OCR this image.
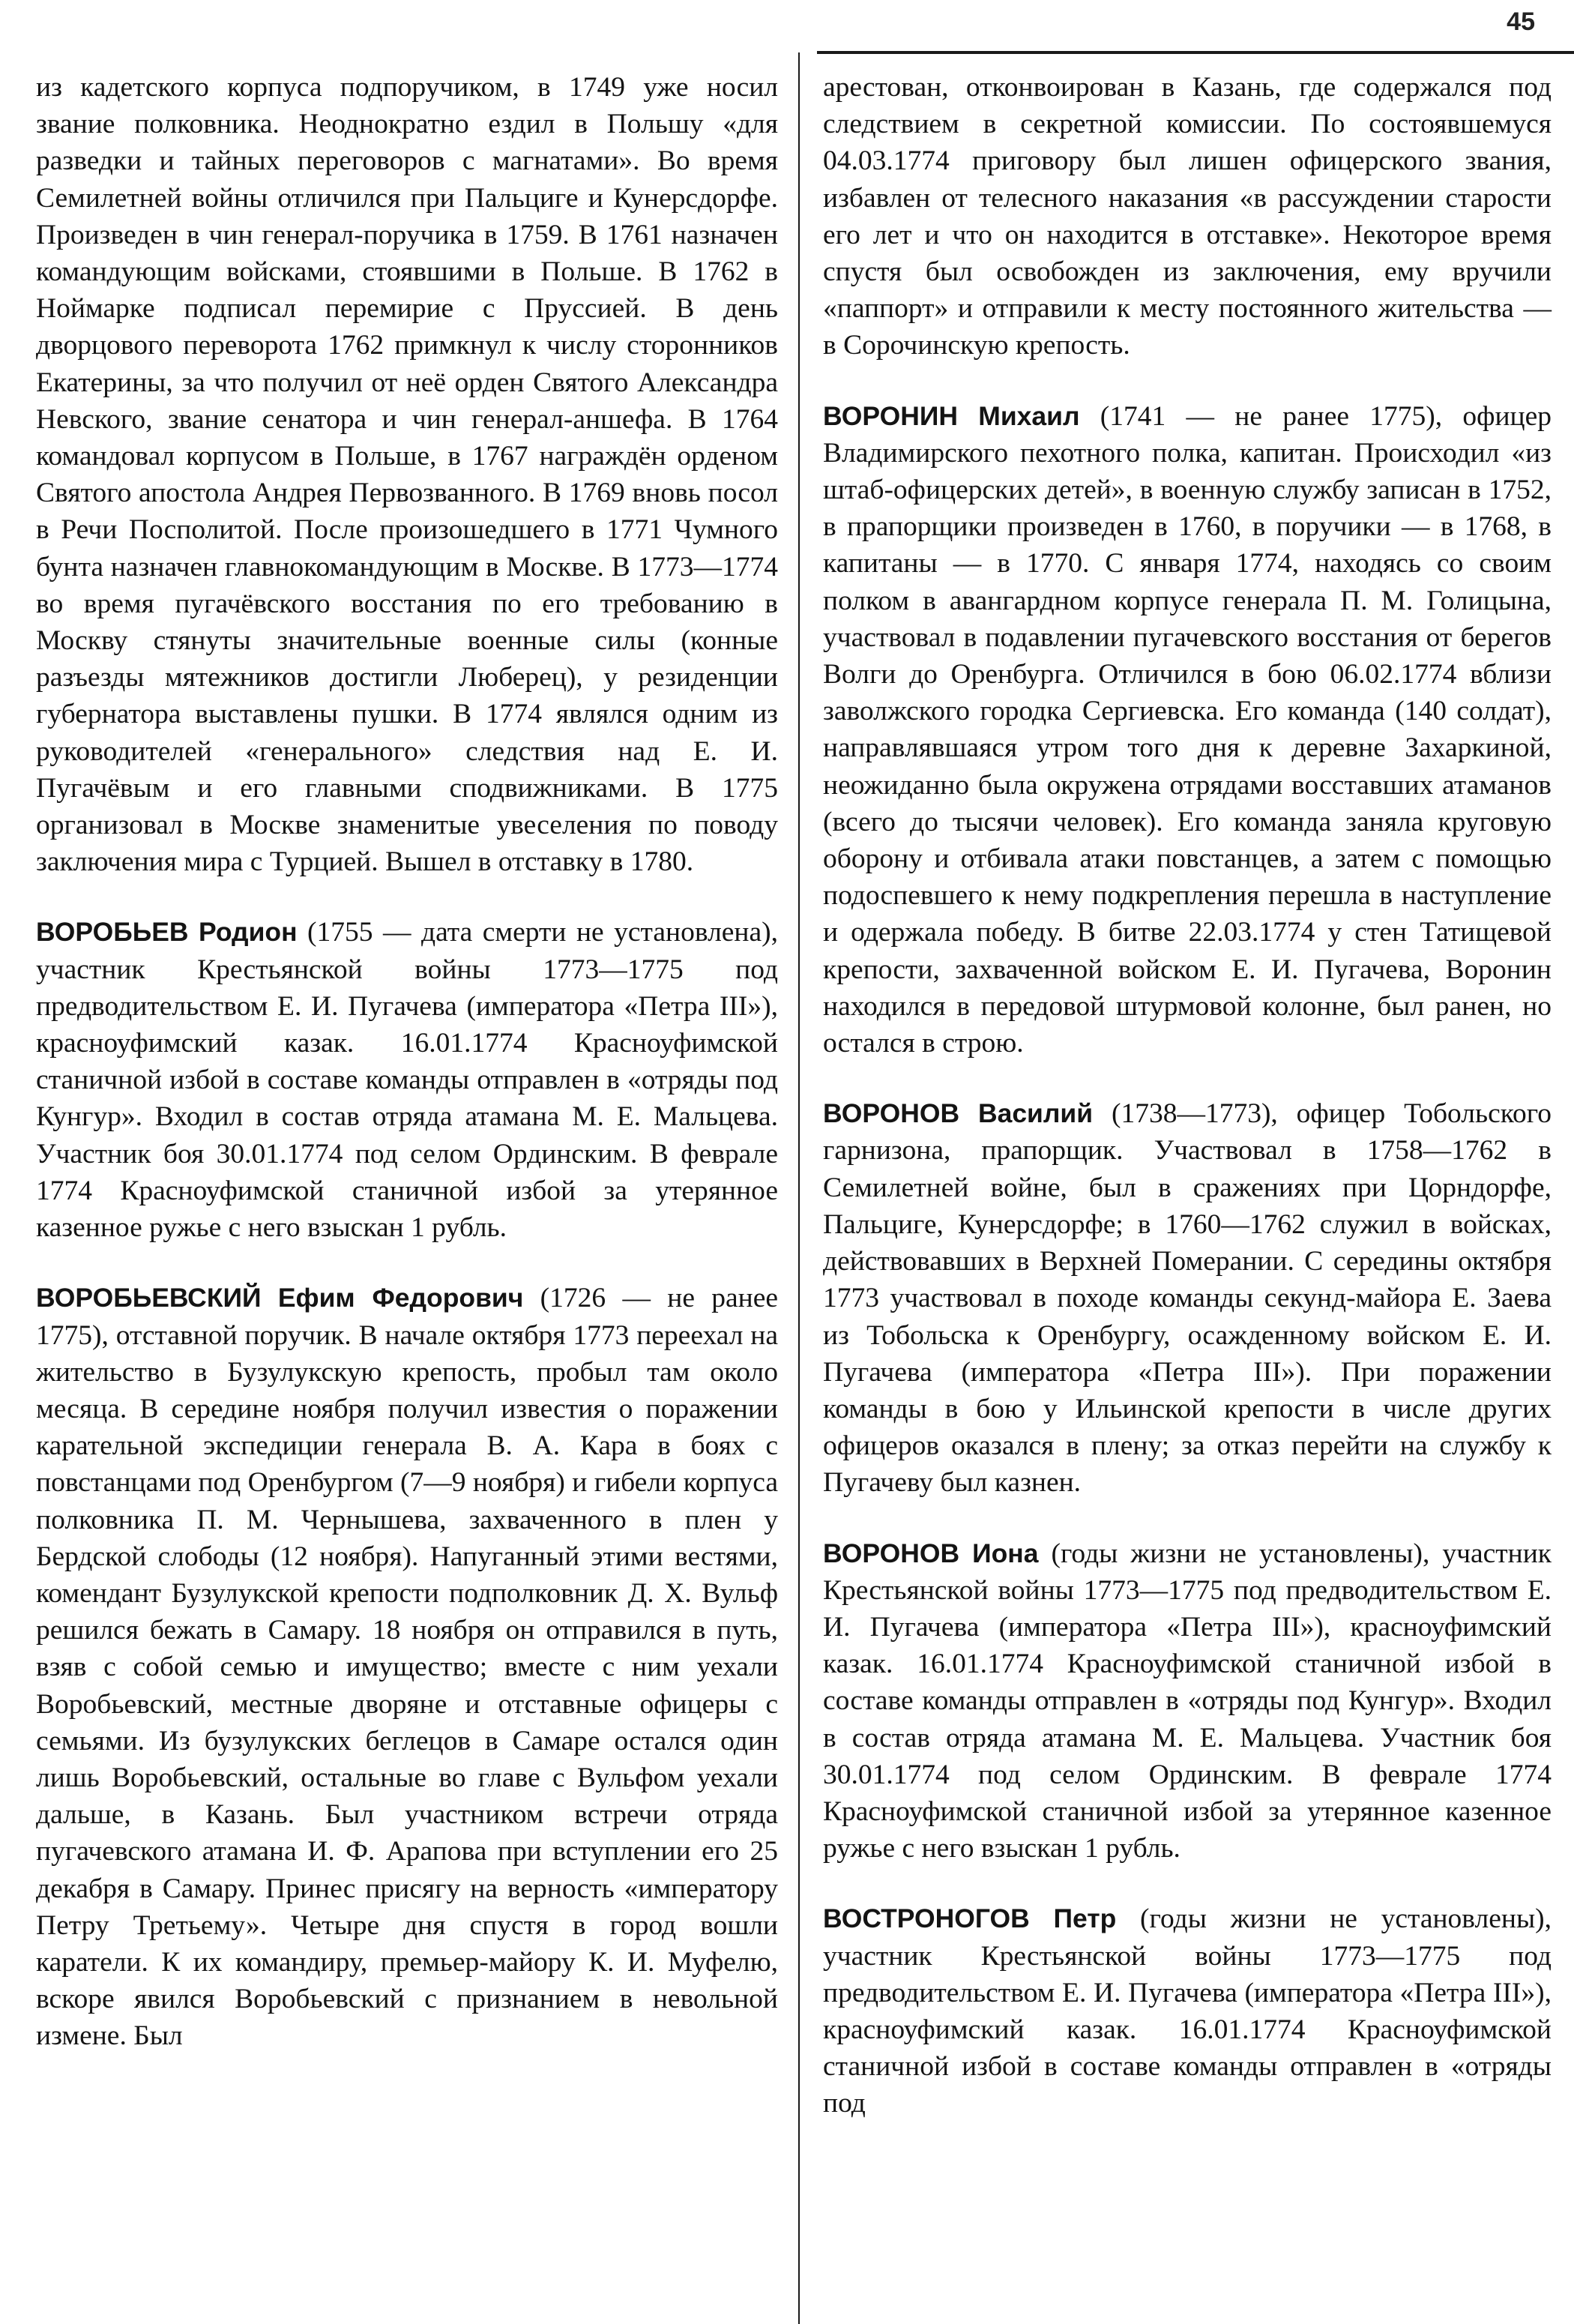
45

из кадетского корпуса подпоручиком, в 1749 уже носил звание полковника. Неоднократно ездил в Польшу «для разведки и тайных переговоров с магнатами». Во время Семилетней войны отличился при Пальциге и Кунерсдорфе. Произведен в чин генерал-поручика в 1759. В 1761 назначен командующим войсками, стоявшими в Польше. В 1762 в Ноймарке подписал перемирие с Пруссией. В день дворцового переворота 1762 примкнул к числу сторонников Екатерины, за что получил от неё орден Святого Александра Невского, звание сенатора и чин генерал-аншефа. В 1764 командовал корпусом в Польше, в 1767 награждён орденом Святого апостола Андрея Первозванного. В 1769 вновь посол в Речи Посполитой. После произошедшего в 1771 Чумного бунта назначен главнокомандующим в Москве. В 1773—1774 во время пугачёвского восстания по его требованию в Москву стянуты значительные военные силы (конные разъезды мятежников достигли Люберец), у резиденции губернатора выставлены пушки. В 1774 являлся одним из руководителей «генерального» следствия над Е. И. Пугачёвым и его главными сподвижниками. В 1775 организовал в Москве знаменитые увеселения по поводу заключения мира с Турцией. Вышел в отставку в 1780.

ВОРОБЬЕВ Родион (1755 — дата смерти не установлена), участник Крестьянской войны 1773—1775 под предводительством Е. И. Пугачева (императора «Петра III»), красноуфимский казак. 16.01.1774 Красноуфимской станичной избой в составе команды отправлен в «отряды под Кунгур». Входил в состав отряда атамана М. Е. Мальцева. Участник боя 30.01.1774 под селом Ординским. В феврале 1774 Красноуфимской станичной избой за утерянное казенное ружье с него взыскан 1 рубль.

ВОРОБЬЕВСКИЙ Ефим Федорович (1726 — не ранее 1775), отставной поручик. В начале октября 1773 переехал на жительство в Бузулукскую крепость, пробыл там около месяца. В середине ноября получил известия о поражении карательной экспедиции генерала В. А. Кара в боях с повстанцами под Оренбургом (7—9 ноября) и гибели корпуса полковника П. М. Чернышева, захваченного в плен у Бердской слободы (12 ноября). Напуганный этими вестями, комендант Бузулукской крепости подполковник Д. Х. Вульф решился бежать в Самару. 18 ноября он отправился в путь, взяв с собой семью и имущество; вместе с ним уехали Воробьевский, местные дворяне и отставные офицеры с семьями. Из бузулукских беглецов в Самаре остался один лишь Воробьевский, остальные во главе с Вульфом уехали дальше, в Казань. Был участником встречи отряда пугачевского атамана И. Ф. Арапова при вступлении его 25 декабря в Самару. Принес присягу на верность «императору Петру Третьему». Четыре дня спустя в город вошли каратели. К их командиру, премьер-майору К. И. Муфелю, вскоре явился Воробьевский с признанием в невольной измене. Был

арестован, отконвоирован в Казань, где содержался под следствием в секретной комиссии. По состоявшемуся 04.03.1774 приговору был лишен офицерского звания, избавлен от телесного наказания «в рассуждении старости его лет и что он находится в отставке». Некоторое время спустя был освобожден из заключения, ему вручили «паппорт» и отправили к месту постоянного жительства — в Сорочинскую крепость.

ВОРОНИН Михаил (1741 — не ранее 1775), офицер Владимирского пехотного полка, капитан. Происходил «из штаб-офицерских детей», в военную службу записан в 1752, в прапорщики произведен в 1760, в поручики — в 1768, в капитаны — в 1770. С января 1774, находясь со своим полком в авангардном корпусе генерала П. М. Голицына, участвовал в подавлении пугачевского восстания от берегов Волги до Оренбурга. Отличился в бою 06.02.1774 вблизи заволжского городка Сергиевска. Его команда (140 солдат), направлявшаяся утром того дня к деревне Захаркиной, неожиданно была окружена отрядами восставших атаманов (всего до тысячи человек). Его команда заняла круговую оборону и отбивала атаки повстанцев, а затем с помощью подоспевшего к нему подкрепления перешла в наступление и одержала победу. В битве 22.03.1774 у стен Татищевой крепости, захваченной войском Е. И. Пугачева, Воронин находился в передовой штурмовой колонне, был ранен, но остался в строю.

ВОРОНОВ Василий (1738—1773), офицер Тобольского гарнизона, прапорщик. Участвовал в 1758—1762 в Семилетней войне, был в сражениях при Цорндорфе, Пальциге, Кунерсдорфе; в 1760—1762 служил в войсках, действовавших в Верхней Померании. С середины октября 1773 участвовал в походе команды секунд-майора Е. Заева из Тобольска к Оренбургу, осажденному войском Е. И. Пугачева (императора «Петра III»). При поражении команды в бою у Ильинской крепости в числе других офицеров оказался в плену; за отказ перейти на службу к Пугачеву был казнен.

ВОРОНОВ Иона (годы жизни не установлены), участник Крестьянской войны 1773—1775 под предводительством Е. И. Пугачева (императора «Петра III»), красноуфимский казак. 16.01.1774 Красноуфимской станичной избой в составе команды отправлен в «отряды под Кунгур». Входил в состав отряда атамана М. Е. Мальцева. Участник боя 30.01.1774 под селом Ординским. В феврале 1774 Красноуфимской станичной избой за утерянное казенное ружье с него взыскан 1 рубль.

ВОСТРОНОГОВ Петр (годы жизни не установлены), участник Крестьянской войны 1773—1775 под предводительством Е. И. Пугачева (императора «Петра III»), красноуфимский казак. 16.01.1774 Красноуфимской станичной избой в составе команды отправлен в «отряды под
